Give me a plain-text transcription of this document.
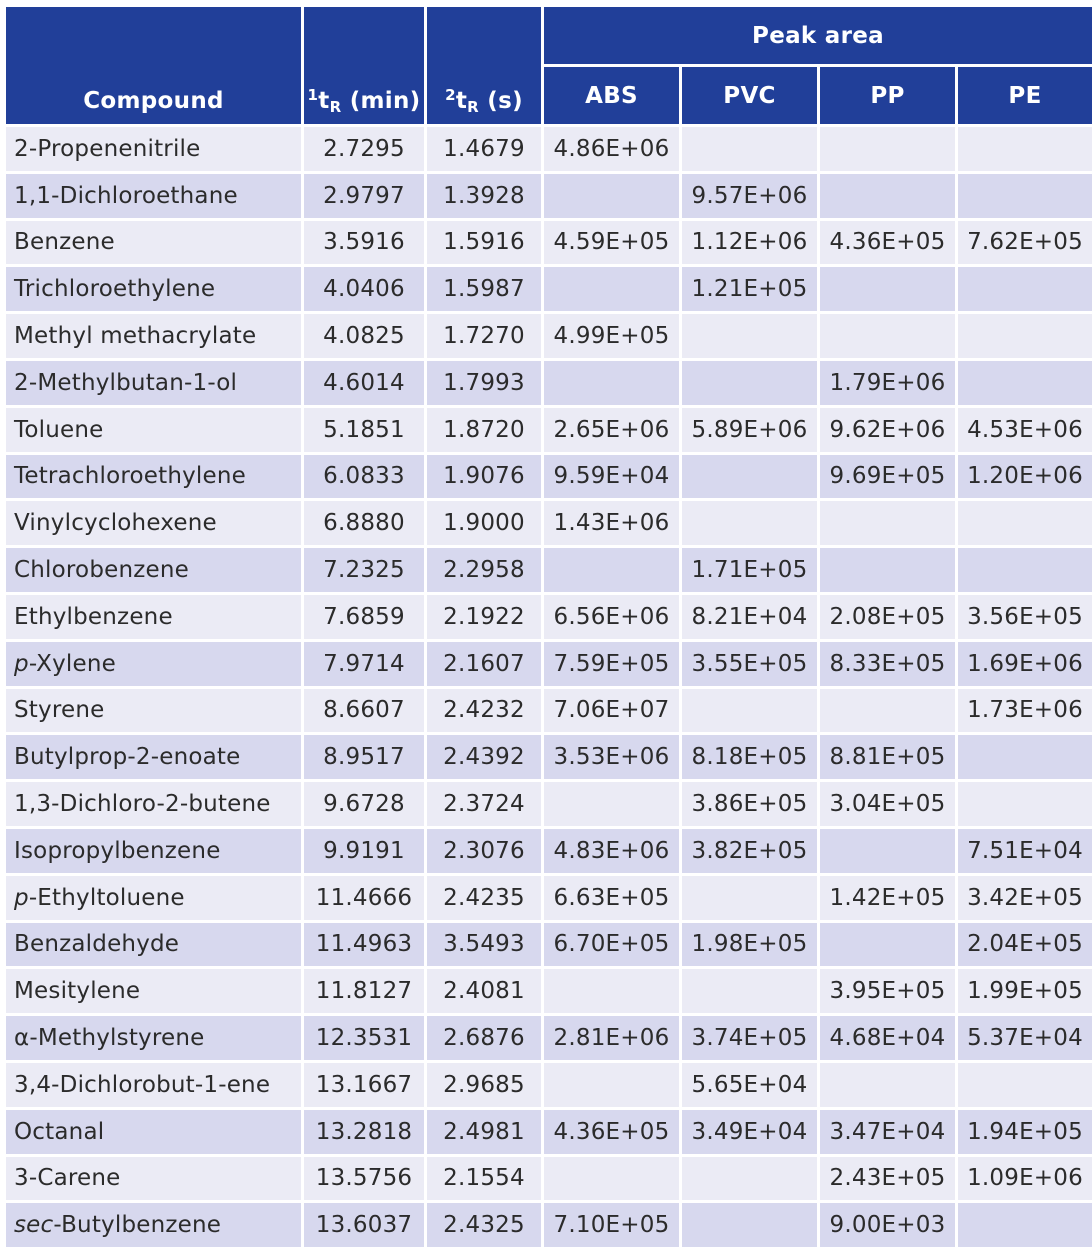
Compound	$^1t_R$ (min)	$^2t_R$ (s)	Peak area			
			ABS	PVC	PP	PE
2-Propenenitrile	2.7295	1.4679	4.86E+06			
1,1-Dichloroethane	2.9797	1.3928		9.57E+06		
Benzene	3.5916	1.5916	4.59E+05	1.12E+06	4.36E+05	7.62E+05
Trichloroethylene	4.0406	1.5987		1.21E+05		
Methyl methacrylate	4.0825	1.7270	4.99E+05			
2-Methylbutan-1-ol	4.6014	1.7993			1.79E+06	
Toluene	5.1851	1.8720	2.65E+06	5.89E+06	9.62E+06	4.53E+06
Tetrachloroethylene	6.0833	1.9076	9.59E+04		9.69E+05	1.20E+06
Vinylcyclohexene	6.8880	1.9000	1.43E+06			
Chlorobenzene	7.2325	2.2958		1.71E+05		
Ethylbenzene	7.6859	2.1922	6.56E+06	8.21E+04	2.08E+05	3.56E+05
p-Xylene	7.9714	2.1607	7.59E+05	3.55E+05	8.33E+05	1.69E+06
Styrene	8.6607	2.4232	7.06E+07			1.73E+06
Butylprop-2-enoate	8.9517	2.4392	3.53E+06	8.18E+05	8.81E+05	
1,3-Dichloro-2-butene	9.6728	2.3724		3.86E+05	3.04E+05	
Isopropylbenzene	9.9191	2.3076	4.83E+06	3.82E+05		7.51E+04
p-Ethyltoluene	11.4666	2.4235	6.63E+05		1.42E+05	3.42E+05
Benzaldehyde	11.4963	3.5493	6.70E+05	1.98E+05		2.04E+05
Mesitylene	11.8127	2.4081			3.95E+05	1.99E+05
α-Methylstyrene	12.3531	2.6876	2.81E+06	3.74E+05	4.68E+04	5.37E+04
3,4-Dichlorobut-1-ene	13.1667	2.9685		5.65E+04		
Octanal	13.2818	2.4981	4.36E+05	3.49E+04	3.47E+04	1.94E+05
3-Carene	13.5756	2.1554			2.43E+05	1.09E+06
sec-Butylbenzene	13.6037	2.4325	7.10E+05		9.00E+03	
